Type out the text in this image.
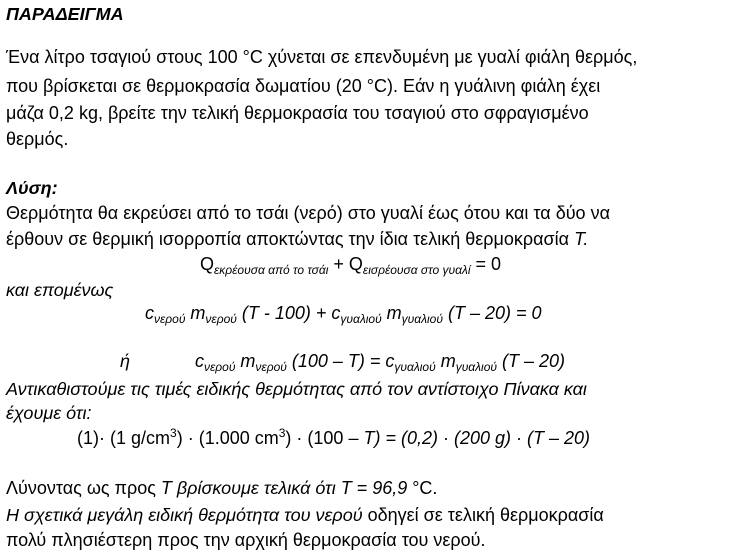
ΠΑΡΑΔΕΙΓΜΑ
Ένα λίτρο τσαγιού στους 100 °C χύνεται σε επενδυμένη με γυαλί φιάλη θερμός,
που βρίσκεται σε θερμοκρασία δωματίου (20 °C). Εάν η γυάλινη φιάλη έχει
μάζα 0,2 kg, βρείτε την τελική θερμοκρασία του τσαγιού στο σφραγισμένο
θερμός.
Λύση:
Θερμότητα θα εκρεύσει από το τσάι (νερό) στο γυαλί έως ότου και τα δύο να
έρθουν σε θερμική ισορροπία αποκτώντας την ίδια τελική θερμοκρασία T.
$Q_{\varepsilon\kappa\rho έo\upsilon\sigma\alpha \alpha\pi ό \tau o \tau\sigma ά\iota} + Q_{\varepsilon\iota\sigma\rho έo\upsilon\sigma\alpha \sigma\tau o \gamma\upsilon\alpha\lambda ί} = 0$
και επομένως
$c_{\nu\varepsilon\rho oύ}$ $m_{\nu\varepsilon\rho oύ}$ $(T - 100) + c_{\gamma\upsilon\alpha\lambda\iota oύ}$ $m_{\gamma\upsilon\alpha\lambda\iota oύ}$ (T – 20) = 0
ή	$c_{\nu\varepsilon\rho oύ}$ $m_{\nu\varepsilon\rho oύ}$ $(100 - T) = c_{\gamma\upsilon\alpha\lambda\iota oύ}$ $m_{\gamma\upsilon\alpha\lambda\iota oύ}$ (T – 20)
Αντικαθιστούμε τις τιμές ειδικής θερμότητας από τον αντίστοιχο Πίνακα και
έχουμε ότι:
(1)· (1 $g/cm^3) \cdot (1.000$ $cm^3) \cdot (100 - T) = (0,2) \cdot (200$ g) · (T – 20)
Λύνοντας ως προς T βρίσκουμε τελικά ότι T = 96,9 °C.
Η σχετικά μεγάλη ειδική θερμότητα του νερού οδηγεί σε τελική θερμοκρασία
πολύ πλησιέστερη προς την αρχική θερμοκρασία του νερού.
